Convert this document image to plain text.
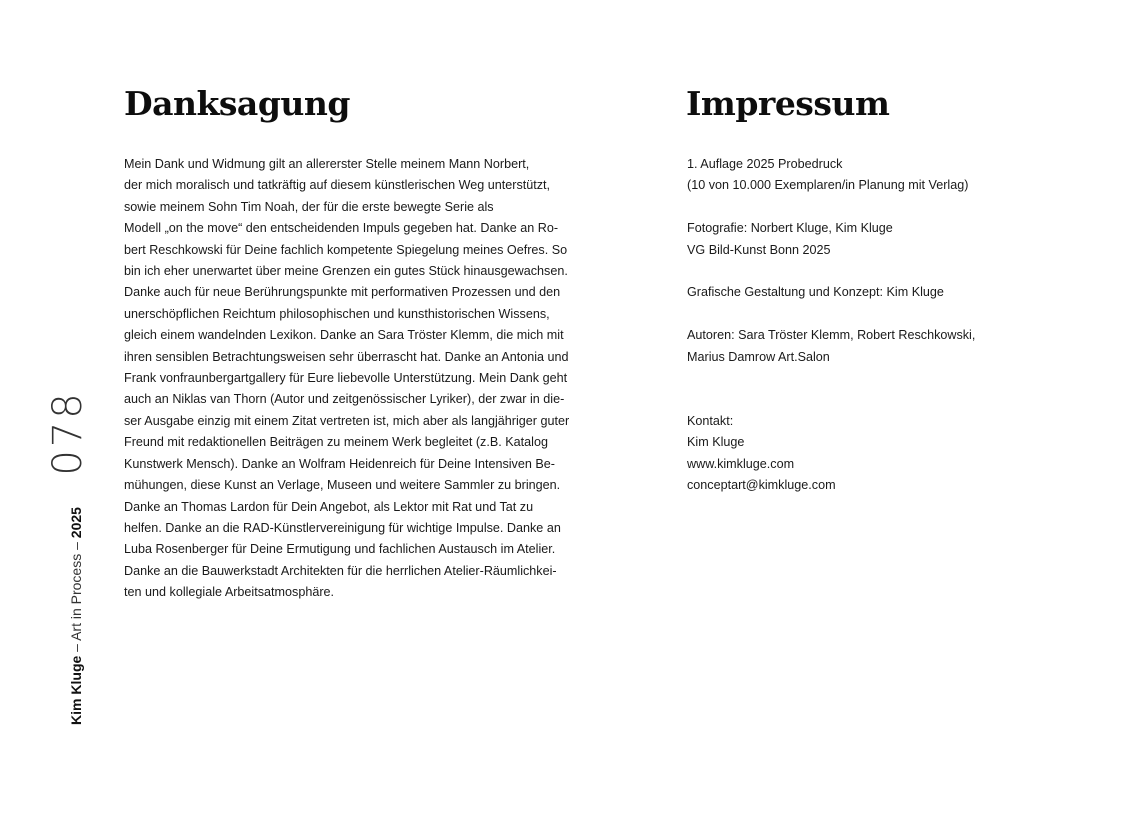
078
Kim Kluge – Art in Process – 2025
Danksagung
Mein Dank und Widmung gilt an allererster Stelle meinem Mann Norbert,
der mich moralisch und tatkräftig auf diesem künstlerischen Weg unterstützt,
sowie meinem Sohn Tim Noah, der für die erste bewegte Serie als
Modell „on the move“ den entscheidenden Impuls gegeben hat. Danke an Ro-
bert Reschkowski für Deine fachlich kompetente Spiegelung meines Oefres. So
bin ich eher unerwartet über meine Grenzen ein gutes Stück hinausgewachsen.
Danke auch für neue Berührungspunkte mit performativen Prozessen und den
unerschöpflichen Reichtum philosophischen und kunsthistorischen Wissens,
gleich einem wandelnden Lexikon. Danke an Sara Tröster Klemm, die mich mit
ihren sensiblen Betrachtungsweisen sehr überrascht hat. Danke an Antonia und
Frank vonfraunbergartgallery für Eure liebevolle Unterstützung. Mein Dank geht
auch an Niklas van Thorn (Autor und zeitgenössischer Lyriker), der zwar in die-
ser Ausgabe einzig mit einem Zitat vertreten ist, mich aber als langjähriger guter
Freund mit redaktionellen Beiträgen zu meinem Werk begleitet (z.B. Katalog
Kunstwerk Mensch). Danke an Wolfram Heidenreich für Deine Intensiven Be-
mühungen, diese Kunst an Verlage, Museen und weitere Sammler zu bringen.
Danke an Thomas Lardon für Dein Angebot, als Lektor mit Rat und Tat zu
helfen. Danke an die RAD-Künstlervereinigung für wichtige Impulse. Danke an
Luba Rosenberger für Deine Ermutigung und fachlichen Austausch im Atelier.
Danke an die Bauwerkstadt Architekten für die herrlichen Atelier-Räumlichkei-
ten und kollegiale Arbeitsatmosphäre.
Impressum
1. Auflage 2025 Probedruck
(10 von 10.000 Exemplaren/in Planung mit Verlag)
Fotografie: Norbert Kluge, Kim Kluge
VG Bild-Kunst Bonn 2025
Grafische Gestaltung und Konzept: Kim Kluge
Autoren: Sara Tröster Klemm, Robert Reschkowski,
Marius Damrow Art.Salon
Kontakt:
Kim Kluge
www.kimkluge.com
conceptart@kimkluge.com
